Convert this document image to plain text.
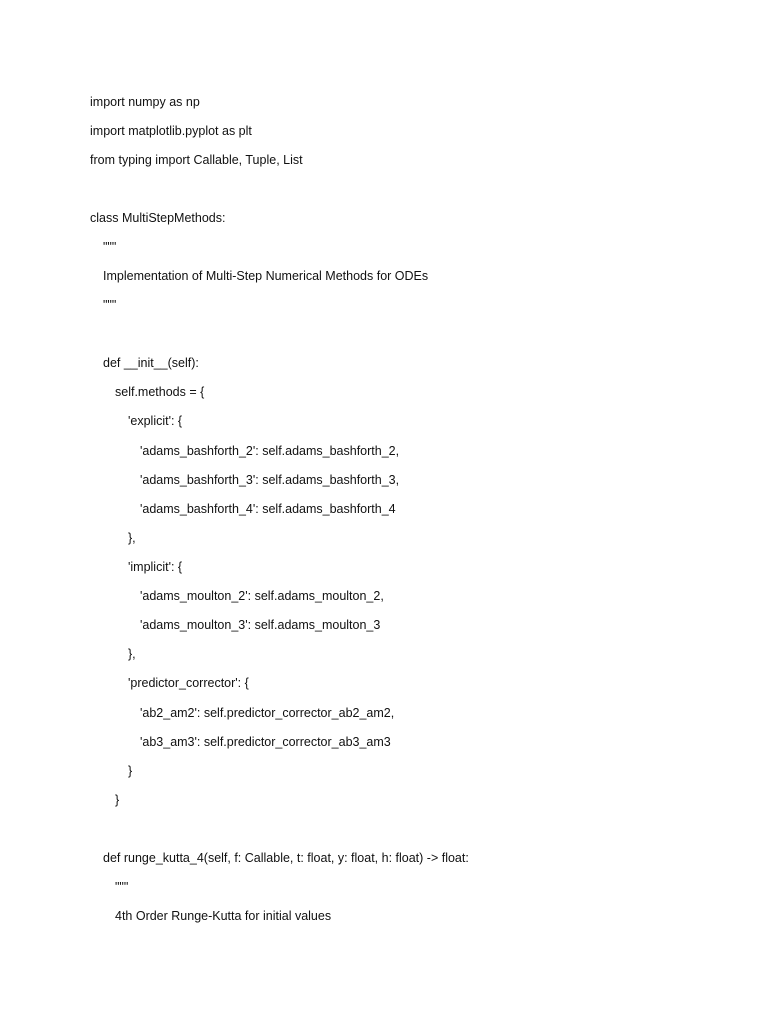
import numpy as np
import matplotlib.pyplot as plt
from typing import Callable, Tuple, List
class MultiStepMethods:
"""
Implementation of Multi-Step Numerical Methods for ODEs
"""
def __init__(self):
self.methods = {
'explicit': {
'adams_bashforth_2': self.adams_bashforth_2,
'adams_bashforth_3': self.adams_bashforth_3,
'adams_bashforth_4': self.adams_bashforth_4
},
'implicit': {
'adams_moulton_2': self.adams_moulton_2,
'adams_moulton_3': self.adams_moulton_3
},
'predictor_corrector': {
'ab2_am2': self.predictor_corrector_ab2_am2,
'ab3_am3': self.predictor_corrector_ab3_am3
}
}
def runge_kutta_4(self, f: Callable, t: float, y: float, h: float) -> float:
"""
4th Order Runge-Kutta for initial values
